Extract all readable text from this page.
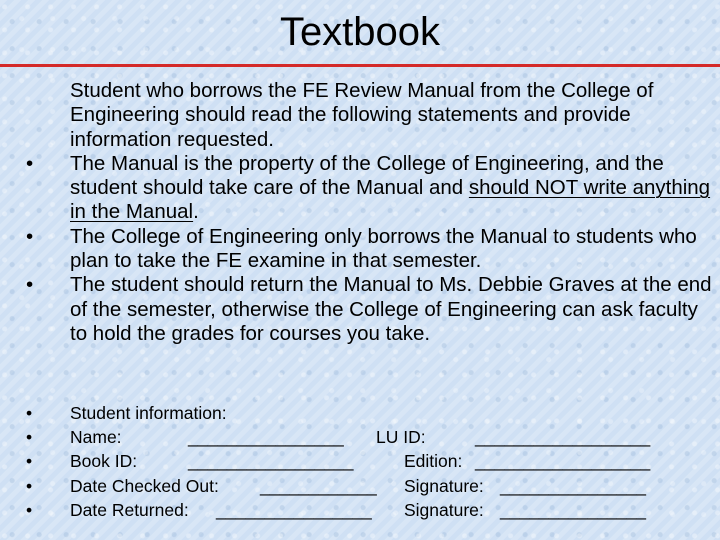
Textbook

Student who borrows the FE Review Manual from the College of Engineering should read the following statements and provide information requested.

•	The Manual is the property of the College of Engineering, and the student should take care of the Manual and should NOT write anything in the Manual.

•	The College of Engineering only borrows the Manual to students who plan to take the FE examine in that semester.

•	The student should return the Manual to Ms. Debbie Graves at the end of the semester, otherwise the College of Engineering can ask faculty to hold the grades for courses you take.

• Student information:
• Name:	________________ LU ID:	__________________
• Book ID:	_________________	Edition: __________________
• Date Checked Out: ____________ Signature: _______________
• Date Returned: ________________ Signature: _______________
